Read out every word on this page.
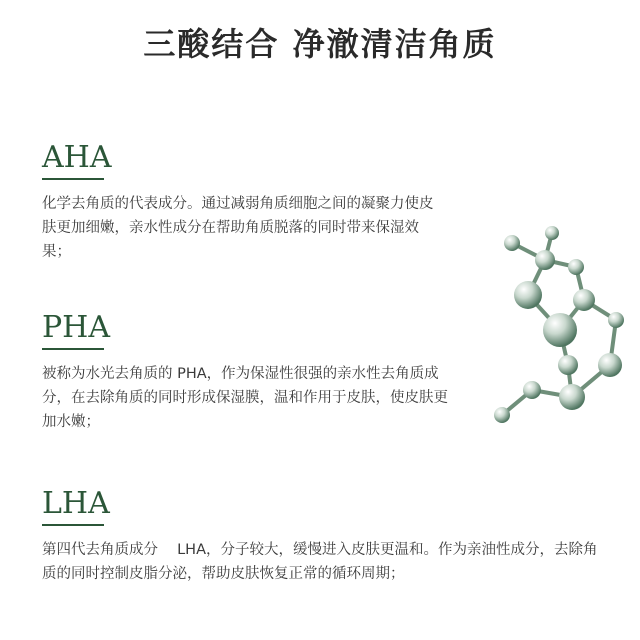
三酸结合 净澈清洁角质
AHA

化学去角质的代表成分。通过减弱角质细胞之间的凝聚力使皮肤更加细嫩，亲水性成分在帮助角质脱落的同时带来保湿效果；

PHA

被称为水光去角质的 PHA，作为保湿性很强的亲水性去角质成分，在去除角质的同时形成保湿膜，温和作用于皮肤，使皮肤更加水嫩；

LHA

第四代去角质成分　 LHA，分子较大，缓慢进入皮肤更温和。作为亲油性成分，去除角质的同时控制皮脂分泌，帮助皮肤恢复正常的循环周期；
